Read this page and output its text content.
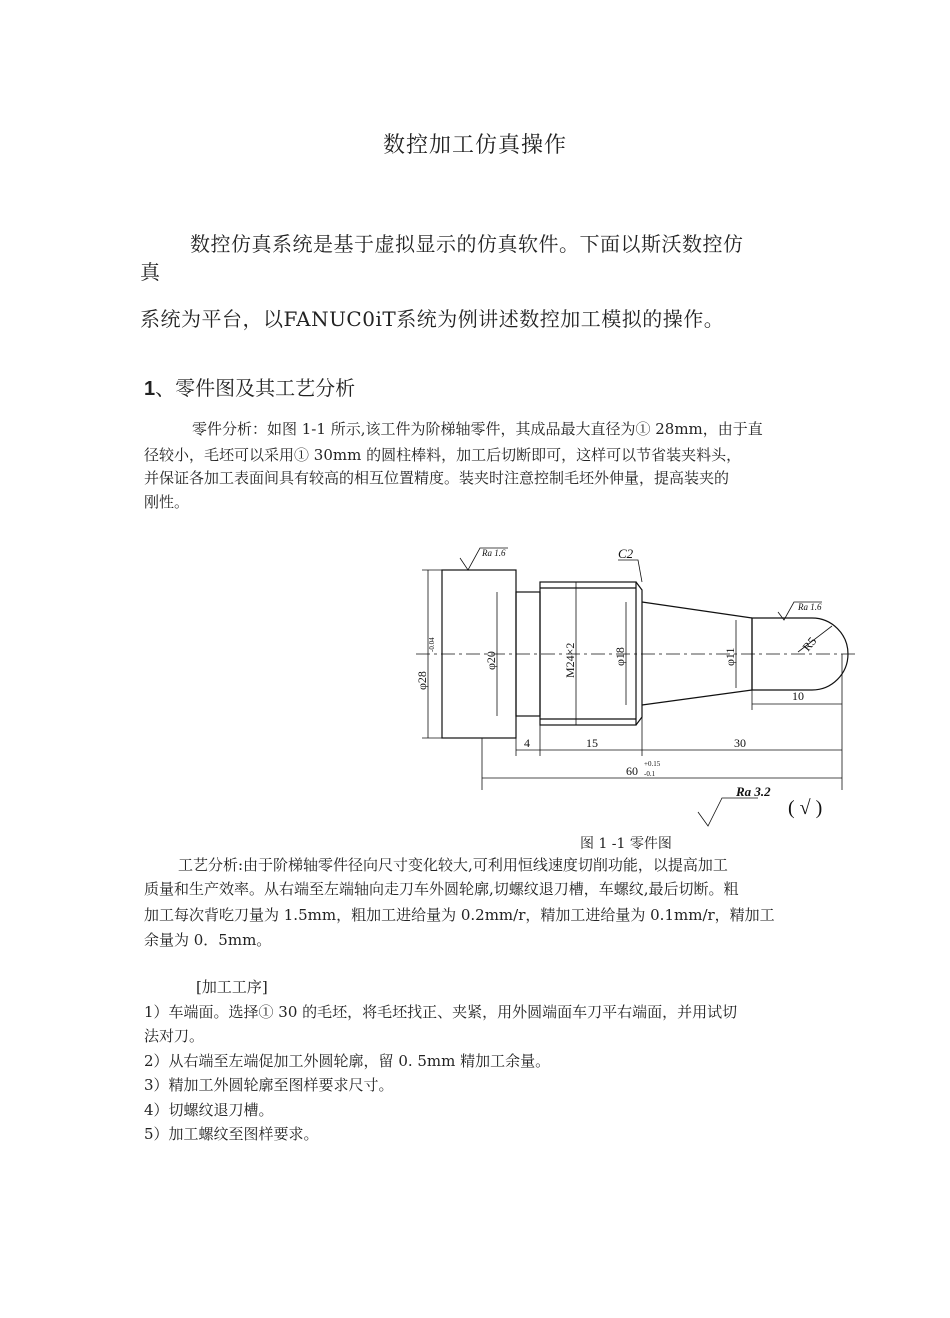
数控加工仿真操作
数控仿真系统是基于虚拟显示的仿真软件。下面以斯沃数控仿
真
系统为平台，以FANUC0iT系统为例讲述数控加工模拟的操作。
1、零件图及其工艺分析
零件分析：如图 1-1 所示,该工件为阶梯轴零件，其成品最大直径为① 28mm，由于直
径较小，毛坯可以采用① 30mm 的圆柱棒料，加工后切断即可，这样可以节省装夹料头，
并保证各加工表面间具有较高的相互位置精度。装夹时注意控制毛坯外伸量，提高装夹的
刚性。
Ra 1.6
Ra 1.6
C2
φ28
-0.04
φ20	M24×2	φ18	φ11
R5
10
4	15	30
60 +0.15
-0.1
Ra 3.2
( √ )
图 1 -1 零件图
工艺分析:由于阶梯轴零件径向尺寸变化较大,可利用恒线速度切削功能，以提高加工
质量和生产效率。从右端至左端轴向走刀车外圆轮廓,切螺纹退刀槽，车螺纹,最后切断。粗
加工每次背吃刀量为 1.5mm，粗加工进给量为 0.2mm/r，精加工进给量为 0.1mm/r，精加工
余量为 0．5mm。
[加工工序]
1）车端面。选择① 30 的毛坯，将毛坯找正、夹紧，用外圆端面车刀平右端面，并用试切
法对刀。
2）从右端至左端促加工外圆轮廓，留 0. 5mm 精加工余量。
3）精加工外圆轮廓至图样要求尺寸。
4）切螺纹退刀槽。
5）加工螺纹至图样要求。
